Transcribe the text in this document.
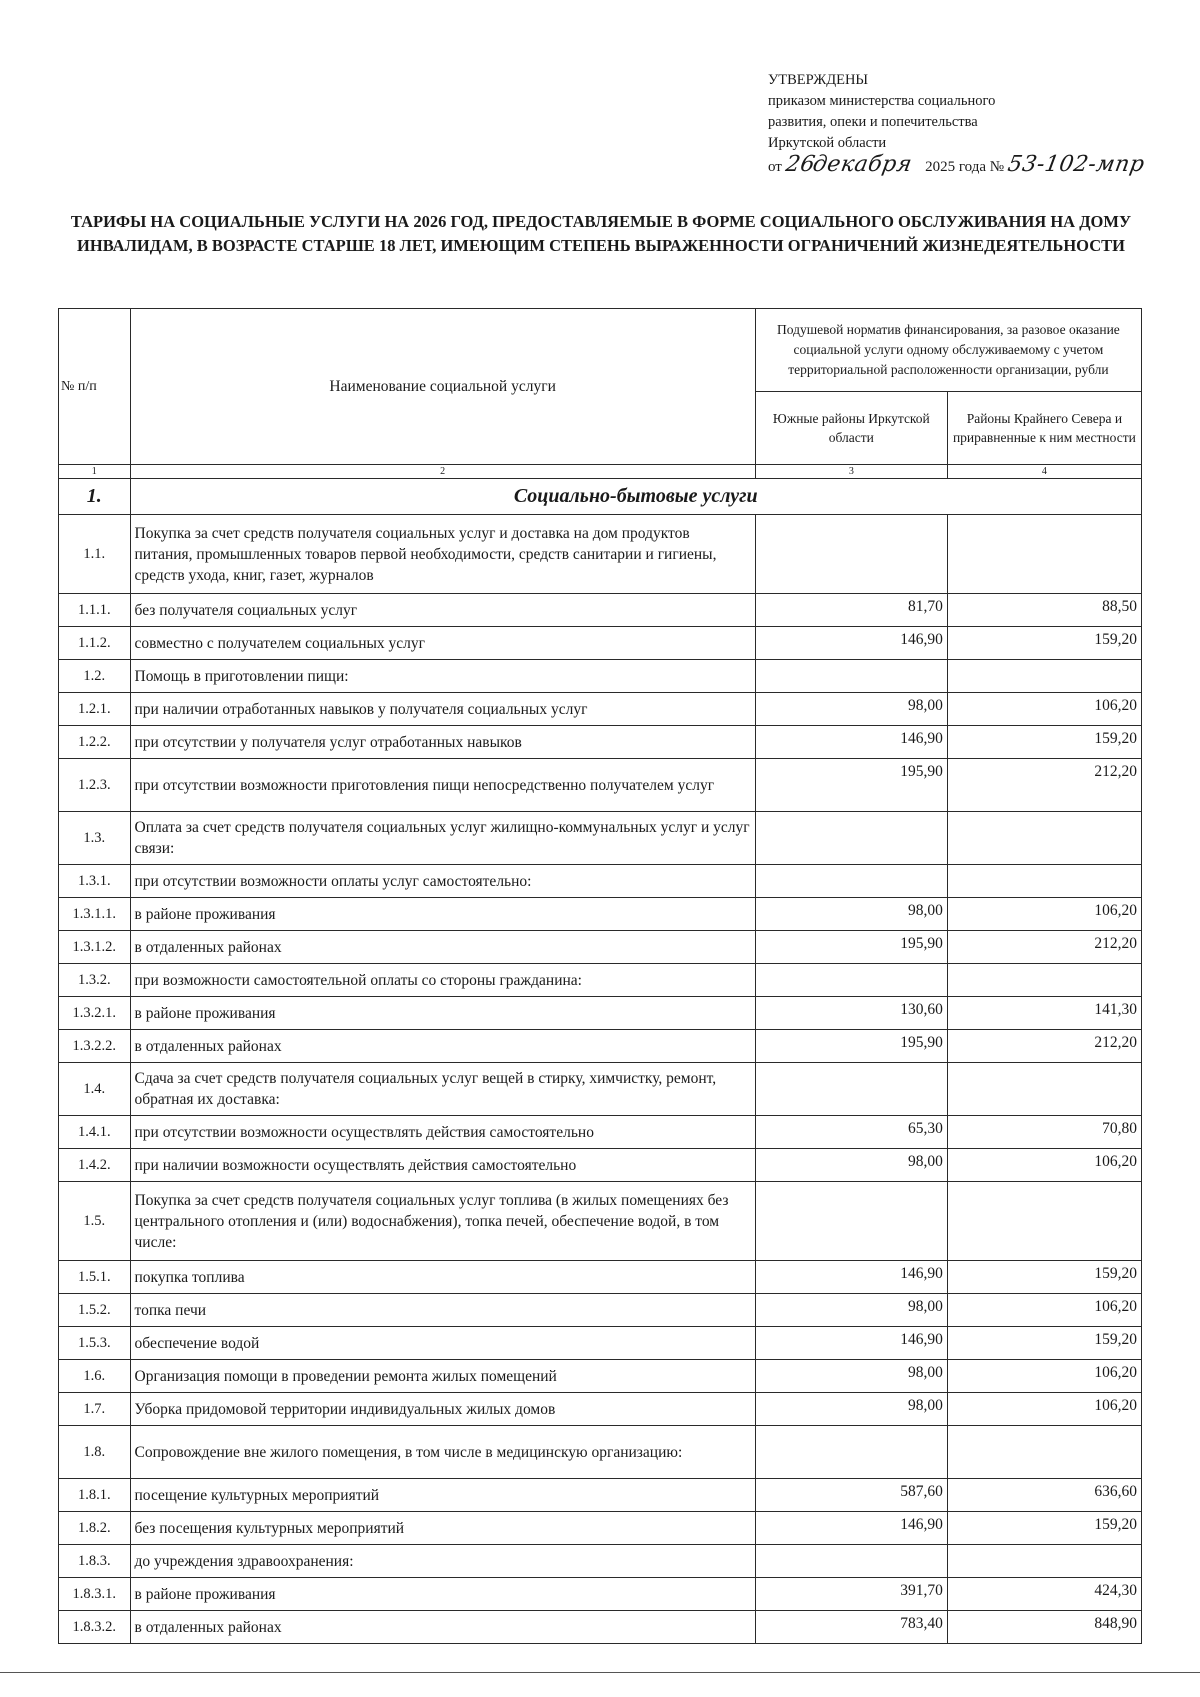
УТВЕРЖДЕНЫ
приказом министерства социального
развития, опеки и попечительства
Иркутской области
от 26 декабря 2025 года № 53-102-мпр
ТАРИФЫ НА СОЦИАЛЬНЫЕ УСЛУГИ НА 2026 ГОД, ПРЕДОСТАВЛЯЕМЫЕ В ФОРМЕ СОЦИАЛЬНОГО ОБСЛУЖИВАНИЯ НА ДОМУ ИНВАЛИДАМ, В ВОЗРАСТЕ СТАРШЕ 18 ЛЕТ, ИМЕЮЩИМ СТЕПЕНЬ ВЫРАЖЕННОСТИ ОГРАНИЧЕНИЙ ЖИЗНЕДЕЯТЕЛЬНОСТИ
№ п/п	Наименование социальной услуги	Подушевой норматив финансирования, за разовое оказание социальной услуги одному обслуживаемому с учетом территориальной расположенности организации, рубли	
		Южные районы Иркутской области	Районы Крайнего Севера и приравненные к ним местности
1	2	3	4
1.	Социально-бытовые услуги		
1.1.	Покупка за счет средств получателя социальных услуг и доставка на дом продуктов питания, промышленных товаров первой необходимости, средств санитарии и гигиены, средств ухода, книг, газет, журналов		
1.1.1.	без получателя социальных услуг	81,70	88,50
1.1.2.	совместно с получателем социальных услуг	146,90	159,20
1.2.	Помощь в приготовлении пищи:		
1.2.1.	при наличии отработанных навыков у получателя социальных услуг	98,00	106,20
1.2.2.	при отсутствии у получателя услуг отработанных навыков	146,90	159,20
1.2.3.	при отсутствии возможности приготовления пищи непосредственно получателем услуг	195,90	212,20
1.3.	Оплата за счет средств получателя социальных услуг жилищно-коммунальных услуг и услуг связи:		
1.3.1.	при отсутствии возможности оплаты услуг самостоятельно:		
1.3.1.1.	в районе проживания	98,00	106,20
1.3.1.2.	в отдаленных районах	195,90	212,20
1.3.2.	при возможности самостоятельной оплаты со стороны гражданина:		
1.3.2.1.	в районе проживания	130,60	141,30
1.3.2.2.	в отдаленных районах	195,90	212,20
1.4.	Сдача за счет средств получателя социальных услуг вещей в стирку, химчистку, ремонт, обратная их доставка:		
1.4.1.	при отсутствии возможности осуществлять действия самостоятельно	65,30	70,80
1.4.2.	при наличии возможности осуществлять действия самостоятельно	98,00	106,20
1.5.	Покупка за счет средств получателя социальных услуг топлива (в жилых помещениях без центрального отопления и (или) водоснабжения), топка печей, обеспечение водой, в том числе:		
1.5.1.	покупка топлива	146,90	159,20
1.5.2.	топка печи	98,00	106,20
1.5.3.	обеспечение водой	146,90	159,20
1.6.	Организация помощи в проведении ремонта жилых помещений	98,00	106,20
1.7.	Уборка придомовой территории индивидуальных жилых домов	98,00	106,20
1.8.	Сопровождение вне жилого помещения, в том числе в медицинскую организацию:		
1.8.1.	посещение культурных мероприятий	587,60	636,60
1.8.2.	без посещения культурных мероприятий	146,90	159,20
1.8.3.	до учреждения здравоохранения:		
1.8.3.1.	в районе проживания	391,70	424,30
1.8.3.2.	в отдаленных районах	783,40	848,90
